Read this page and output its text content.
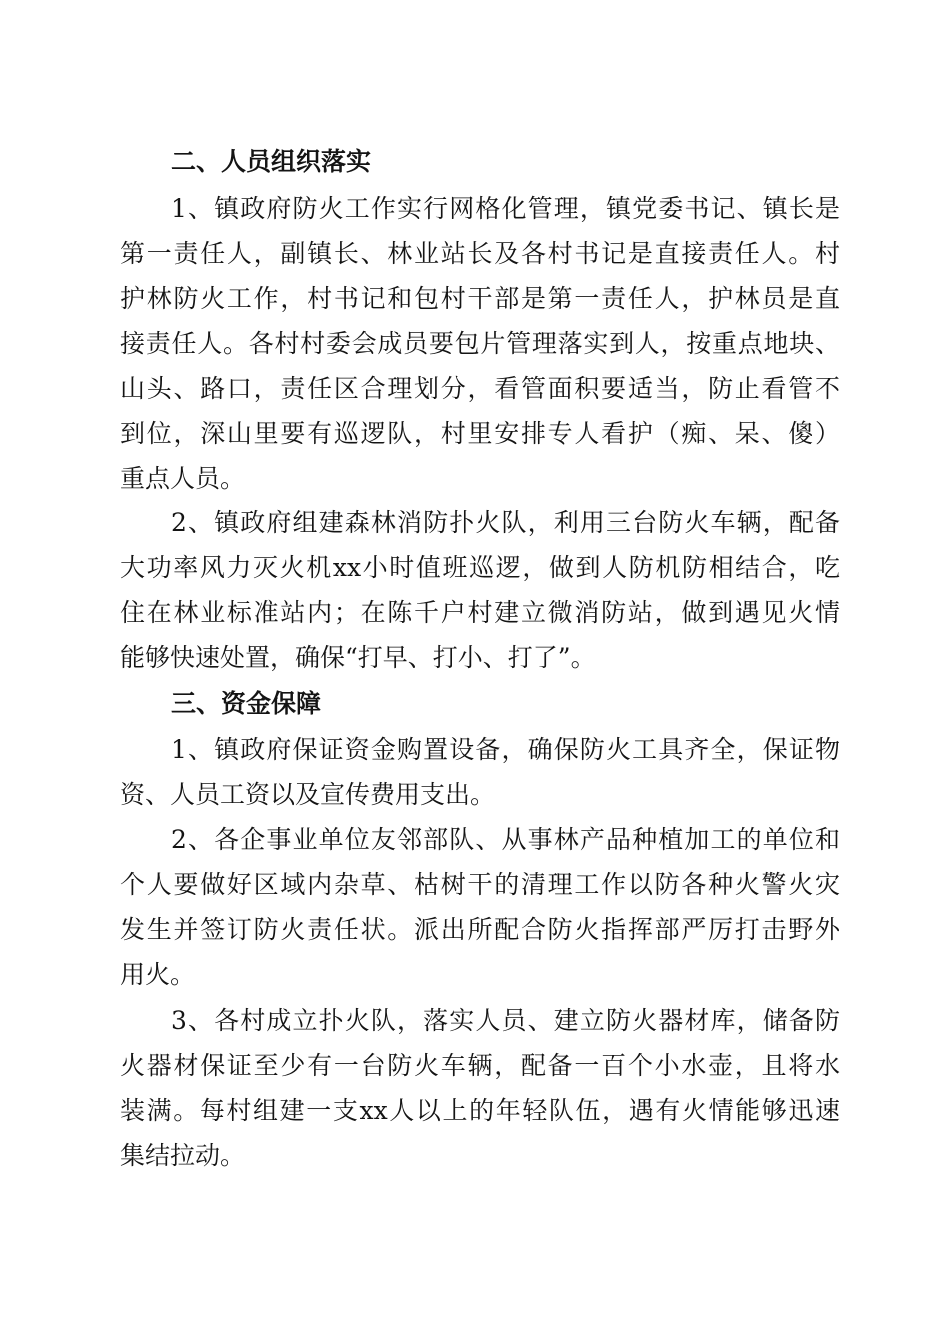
二、人员组织落实
1、镇政府防火工作实行网格化管理，镇党委书记、镇长是
第一责任人，副镇长、林业站长及各村书记是直接责任人。村
护林防火工作，村书记和包村干部是第一责任人，护林员是直
接责任人。各村村委会成员要包片管理落实到人，按重点地块、
山头、路口，责任区合理划分，看管面积要适当，防止看管不
到位，深山里要有巡逻队，村里安排专人看护（痴、呆、傻）
重点人员。
2、镇政府组建森林消防扑火队，利用三台防火车辆，配备
大功率风力灭火机xx小时值班巡逻，做到人防机防相结合，吃
住在林业标准站内；在陈千户村建立微消防站，做到遇见火情
能够快速处置，确保“打早、打小、打了”。
三、资金保障
1、镇政府保证资金购置设备，确保防火工具齐全，保证物
资、人员工资以及宣传费用支出。
2、各企事业单位友邻部队、从事林产品种植加工的单位和
个人要做好区域内杂草、枯树干的清理工作以防各种火警火灾
发生并签订防火责任状。派出所配合防火指挥部严厉打击野外
用火。
3、各村成立扑火队，落实人员、建立防火器材库，储备防
火器材保证至少有一台防火车辆，配备一百个小水壶，且将水
装满。每村组建一支xx人以上的年轻队伍，遇有火情能够迅速
集结拉动。
